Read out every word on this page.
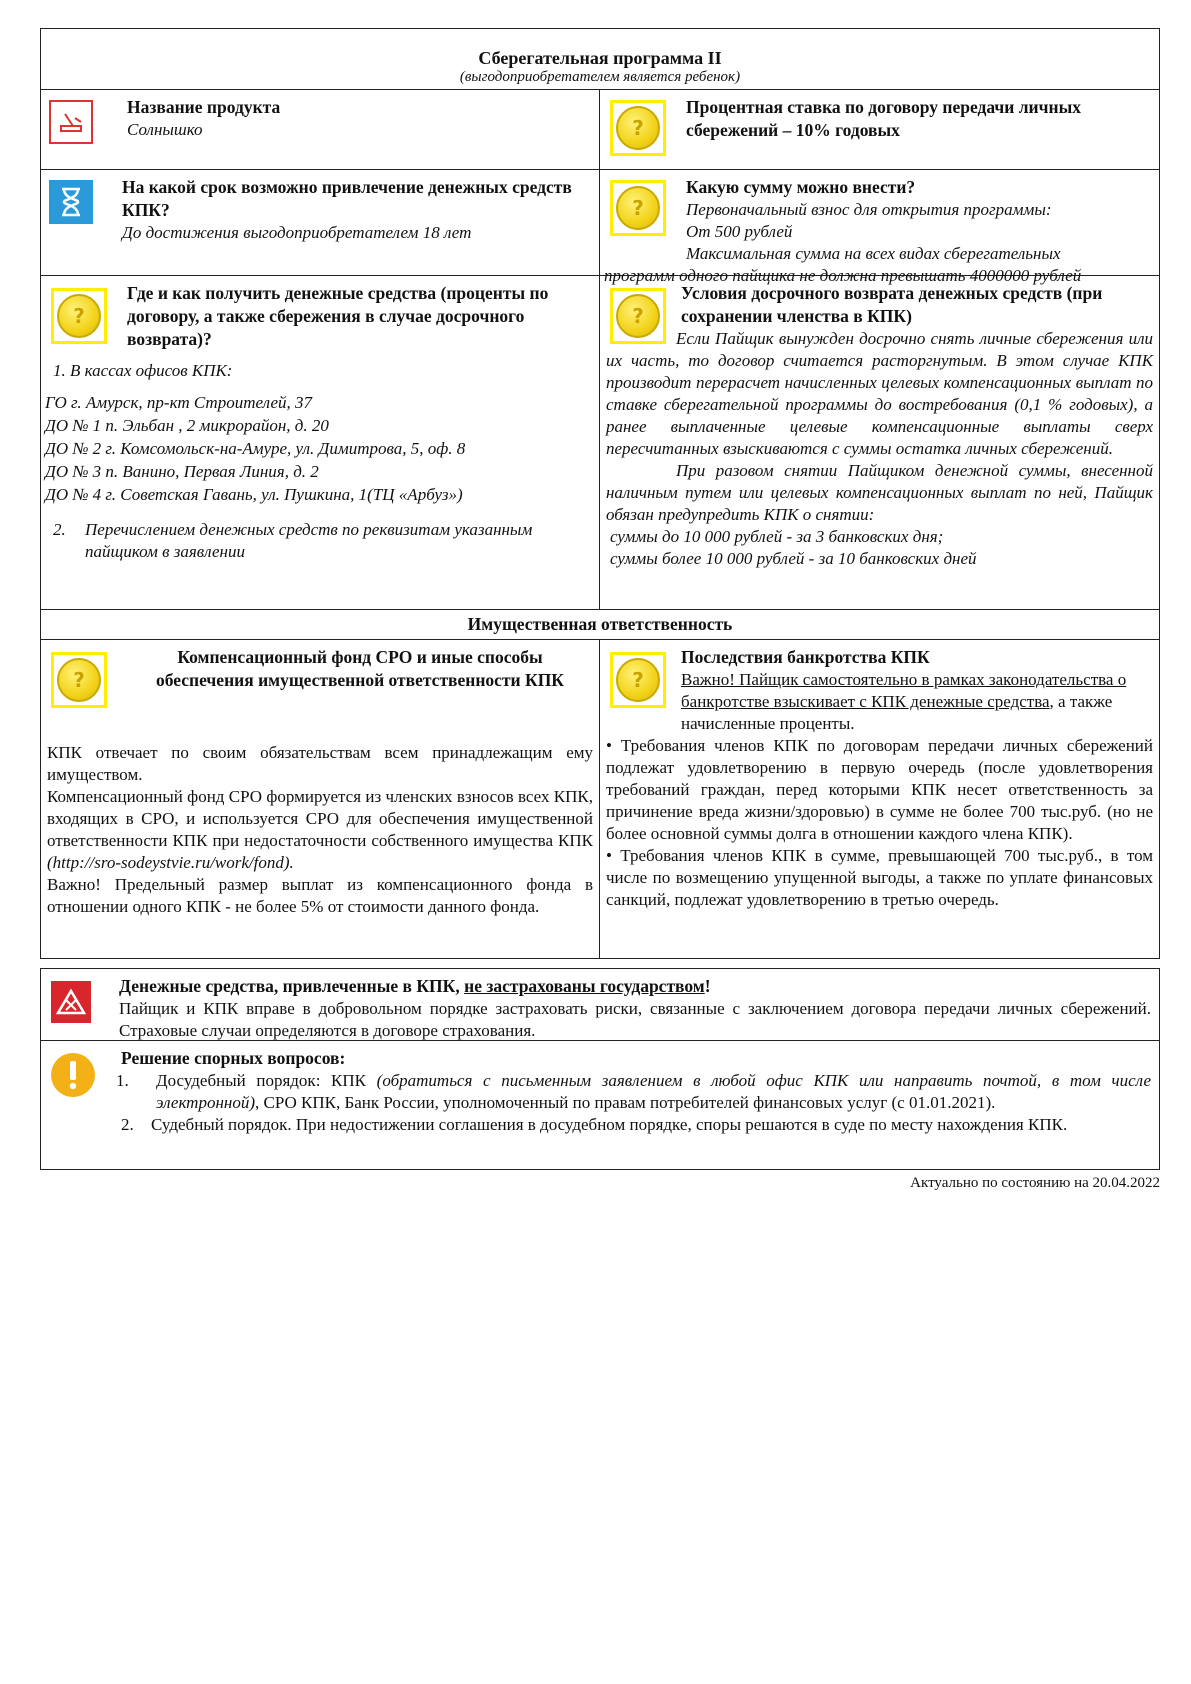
Сберегательная программа II
(выгодоприобретателем является ребенок)
Название продукта
Солнышко	?
Процентная ставка по договору передачи личных сбережений – 10% годовых
На какой срок возможно привлечение денежных средств КПК?
До достижения выгодоприобретателем 18 лет
?
Какую сумму можно внести?
Первоначальный взнос для открытия программы:
От 500 рублей
Максимальная сумма на всех видах сберегательных
программ одного пайщика не должна превышать 4000000 рублей
?
Где и как получить денежные средства (проценты по договору, а также сбережения в случае досрочного возврата)?
1. В кассах офисов КПК:
ГО г. Амурск, пр-кт Строителей, 37
ДО № 1 п. Эльбан , 2 микрорайон, д. 20
ДО № 2 г. Комсомольск-на-Амуре, ул. Димитрова, 5, оф. 8
ДО № 3 п. Ванино, Первая Линия, д. 2
ДО № 4 г. Советская Гавань, ул. Пушкина, 1(ТЦ «Арбуз»)
2.	Перечислением денежных средств по реквизитам указанным пайщиком в заявлении
?
Условия досрочного возврата денежных средств (при сохранении членства в КПК)
Если Пайщик вынужден досрочно снять личные сбережения или их часть, то договор считается расторгнутым. В этом случае КПК производит перерасчет начисленных целевых компенсационных выплат по ставке сберегательной программы до востребования (0,1 % годовых), а ранее выплаченные целевые компенсационные выплаты сверх пересчитанных взыскиваются с суммы остатка личных сбережений.
При разовом снятии Пайщиком денежной суммы, внесенной наличным путем или целевых компенсационных выплат по ней, Пайщик обязан предупредить КПК о снятии:
суммы до 10 000 рублей - за 3 банковских дня;
суммы более 10 000 рублей - за 10 банковских дней
Имущественная ответственность
?
Компенсационный фонд СРО и иные способы обеспечения имущественной ответственности КПК
КПК отвечает по своим обязательствам всем принадлежащим ему имуществом.
Компенсационный фонд СРО формируется из членских взносов всех КПК, входящих в СРО, и используется СРО для обеспечения имущественной ответственности КПК при недостаточности собственного имущества КПК (http://sro-sodeystvie.ru/work/fond).
Важно! Предельный размер выплат из компенсационного фонда в отношении одного КПК - не более 5% от стоимости данного фонда.
?
Последствия банкротства КПК
Важно! Пайщик самостоятельно в рамках законодательства о банкротстве взыскивает с КПК денежные средства, а также начисленные проценты.
• Требования членов КПК по договорам передачи личных сбережений подлежат удовлетворению в первую очередь (после удовлетворения требований граждан, перед которыми КПК несет ответственность за причинение вреда жизни/здоровью) в сумме не более 700 тыс.руб. (но не более основной суммы долга в отношении каждого члена КПК).
• Требования членов КПК в сумме, превышающей 700 тыс.руб., в том числе по возмещению упущенной выгоды, а также по уплате финансовых санкций, подлежат удовлетворению в третью очередь.
Денежные средства, привлеченные в КПК, не застрахованы государством!
Пайщик и КПК вправе в добровольном порядке застраховать риски, связанные с заключением договора передачи личных сбережений. Страховые случаи определяются в договоре страхования.
Решение спорных вопросов:
1.	Досудебный порядок: КПК (обратиться с письменным заявлением в любой офис КПК или направить почтой, в том числе электронной), СРО КПК, Банк России, уполномоченный по правам потребителей финансовых услуг (с 01.01.2021).
2.	Судебный порядок. При недостижении соглашения в досудебном порядке, споры решаются в суде по месту нахождения КПК.
Актуально по состоянию на 20.04.2022
